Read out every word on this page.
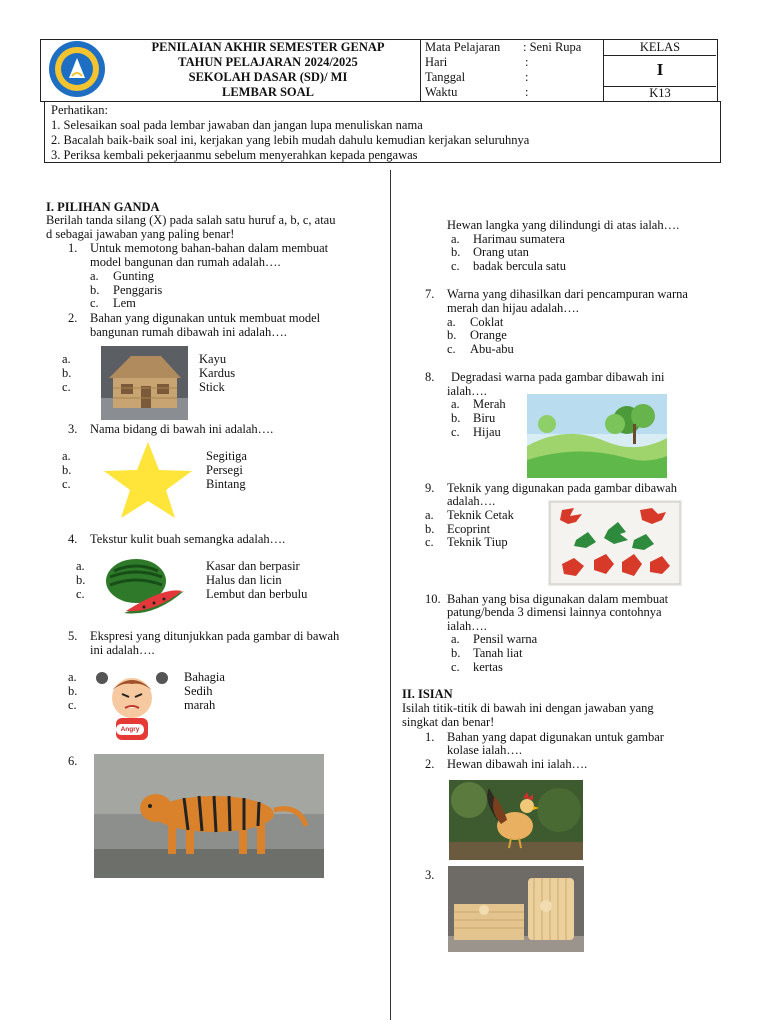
PENILAIAN AKHIR SEMESTER GENAP
TAHUN PELAJARAN 2024/2025
SEKOLAH DASAR (SD)/ MI
LEMBAR SOAL
Mata Pelajaran : Seni Rupa
Hari	:
Tanggal	:
Waktu	:
KELAS
I
K13
Perhatikan:
1. Selesaikan soal pada lembar jawaban dan jangan lupa menuliskan nama
2. Bacalah baik-baik soal ini, kerjakan yang lebih mudah dahulu kemudian kerjakan seluruhnya
3. Periksa kembali pekerjaanmu sebelum menyerahkan kepada pengawas
I. PILIHAN GANDA
Berilah tanda silang (X) pada salah satu huruf a, b, c, atau
d sebagai jawaban yang paling benar!
1. Untuk memotong bahan-bahan dalam membuat
model bangunan dan rumah adalah….
a. Gunting
b. Penggaris
c. Lem
2. Bahan yang digunakan untuk membuat model
bangunan rumah dibawah ini adalah….
a.
b.
c.
Kayu
Kardus
Stick
3. Nama bidang di bawah ini adalah….
a.
b.
c.
Segitiga
Persegi
Bintang
4. Tekstur kulit buah semangka adalah….
a.
b.
c.
Kasar dan berpasir
Halus dan licin
Lembut dan berbulu
5. Ekspresi yang ditunjukkan pada gambar di bawah
ini adalah….
a.
b.
c.
Bahagia
Sedih
marah
Angry
6.
Hewan langka yang dilindungi di atas ialah….
a. Harimau sumatera
b. Orang utan
c. badak bercula satu
7. Warna yang dihasilkan dari pencampuran warna
merah dan hijau adalah….
a. Coklat
b. Orange
c. Abu-abu
8. Degradasi warna pada gambar dibawah ini
ialah….
a. Merah
b. Biru
c. Hijau
9. Teknik yang digunakan pada gambar dibawah
adalah….
a. Teknik Cetak
b. Ecoprint
c. Teknik Tiup
10. Bahan yang bisa digunakan dalam membuat
patung/benda 3 dimensi lainnya contohnya
ialah….
a. Pensil warna
b. Tanah liat
c. kertas
II. ISIAN
Isilah titik-titik di bawah ini dengan jawaban yang
singkat dan benar!
1. Bahan yang dapat digunakan untuk gambar
kolase ialah….
2. Hewan dibawah ini ialah….
3.
